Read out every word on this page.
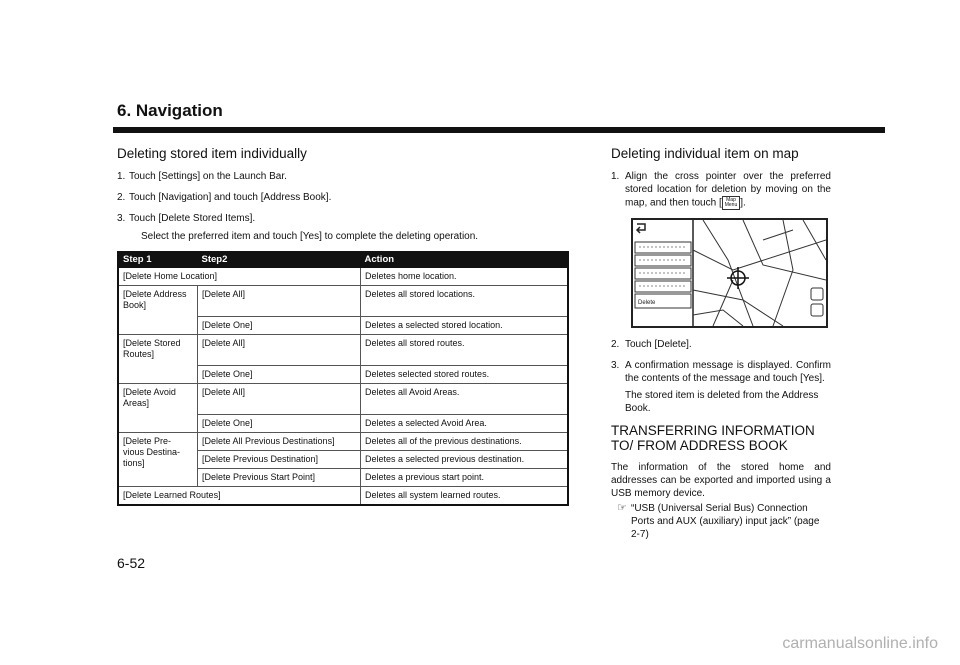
6. Navigation
Deleting stored item individually
1. Touch [Settings] on the Launch Bar.
2. Touch [Navigation] and touch [Address Book].
3. Touch [Delete Stored Items].
Select the preferred item and touch [Yes] to complete the deleting operation.
Step 1	Step2	Action
[Delete Home Location]		Deletes home location.
[Delete Address Book]	[Delete All]	Deletes all stored locations.
	[Delete One]	Deletes a selected stored location.
[Delete Stored Routes]	[Delete All]	Deletes all stored routes.
	[Delete One]	Deletes selected stored routes.
[Delete Avoid Areas]	[Delete All]	Deletes all Avoid Areas.
	[Delete One]	Deletes a selected Avoid Area.
[Delete Pre- vious Destina- tions]	[Delete All Previous Destinations]	Deletes all of the previous destinations.
	[Delete Previous Destination]	Deletes a selected previous destination.
	[Delete Previous Start Point]	Deletes a previous start point.
[Delete Learned Routes]		Deletes all system learned routes.
Deleting individual item on map
1. Align the cross pointer over the preferred stored location for deletion by moving on the map, and then touch [ Map
Menu ].
Delete
2. Touch [Delete].
3. A confirmation message is displayed. Confirm the contents of the message and touch [Yes].
The stored item is deleted from the Address Book.
TRANSFERRING INFORMATION TO/ FROM ADDRESS BOOK

The information of the stored home and addresses can be exported and imported using a USB memory device.

☞ “USB (Universal Serial Bus) Connection Ports and AUX (auxiliary) input jack” (page 2-7)
6-52
carmanualsonline.info
